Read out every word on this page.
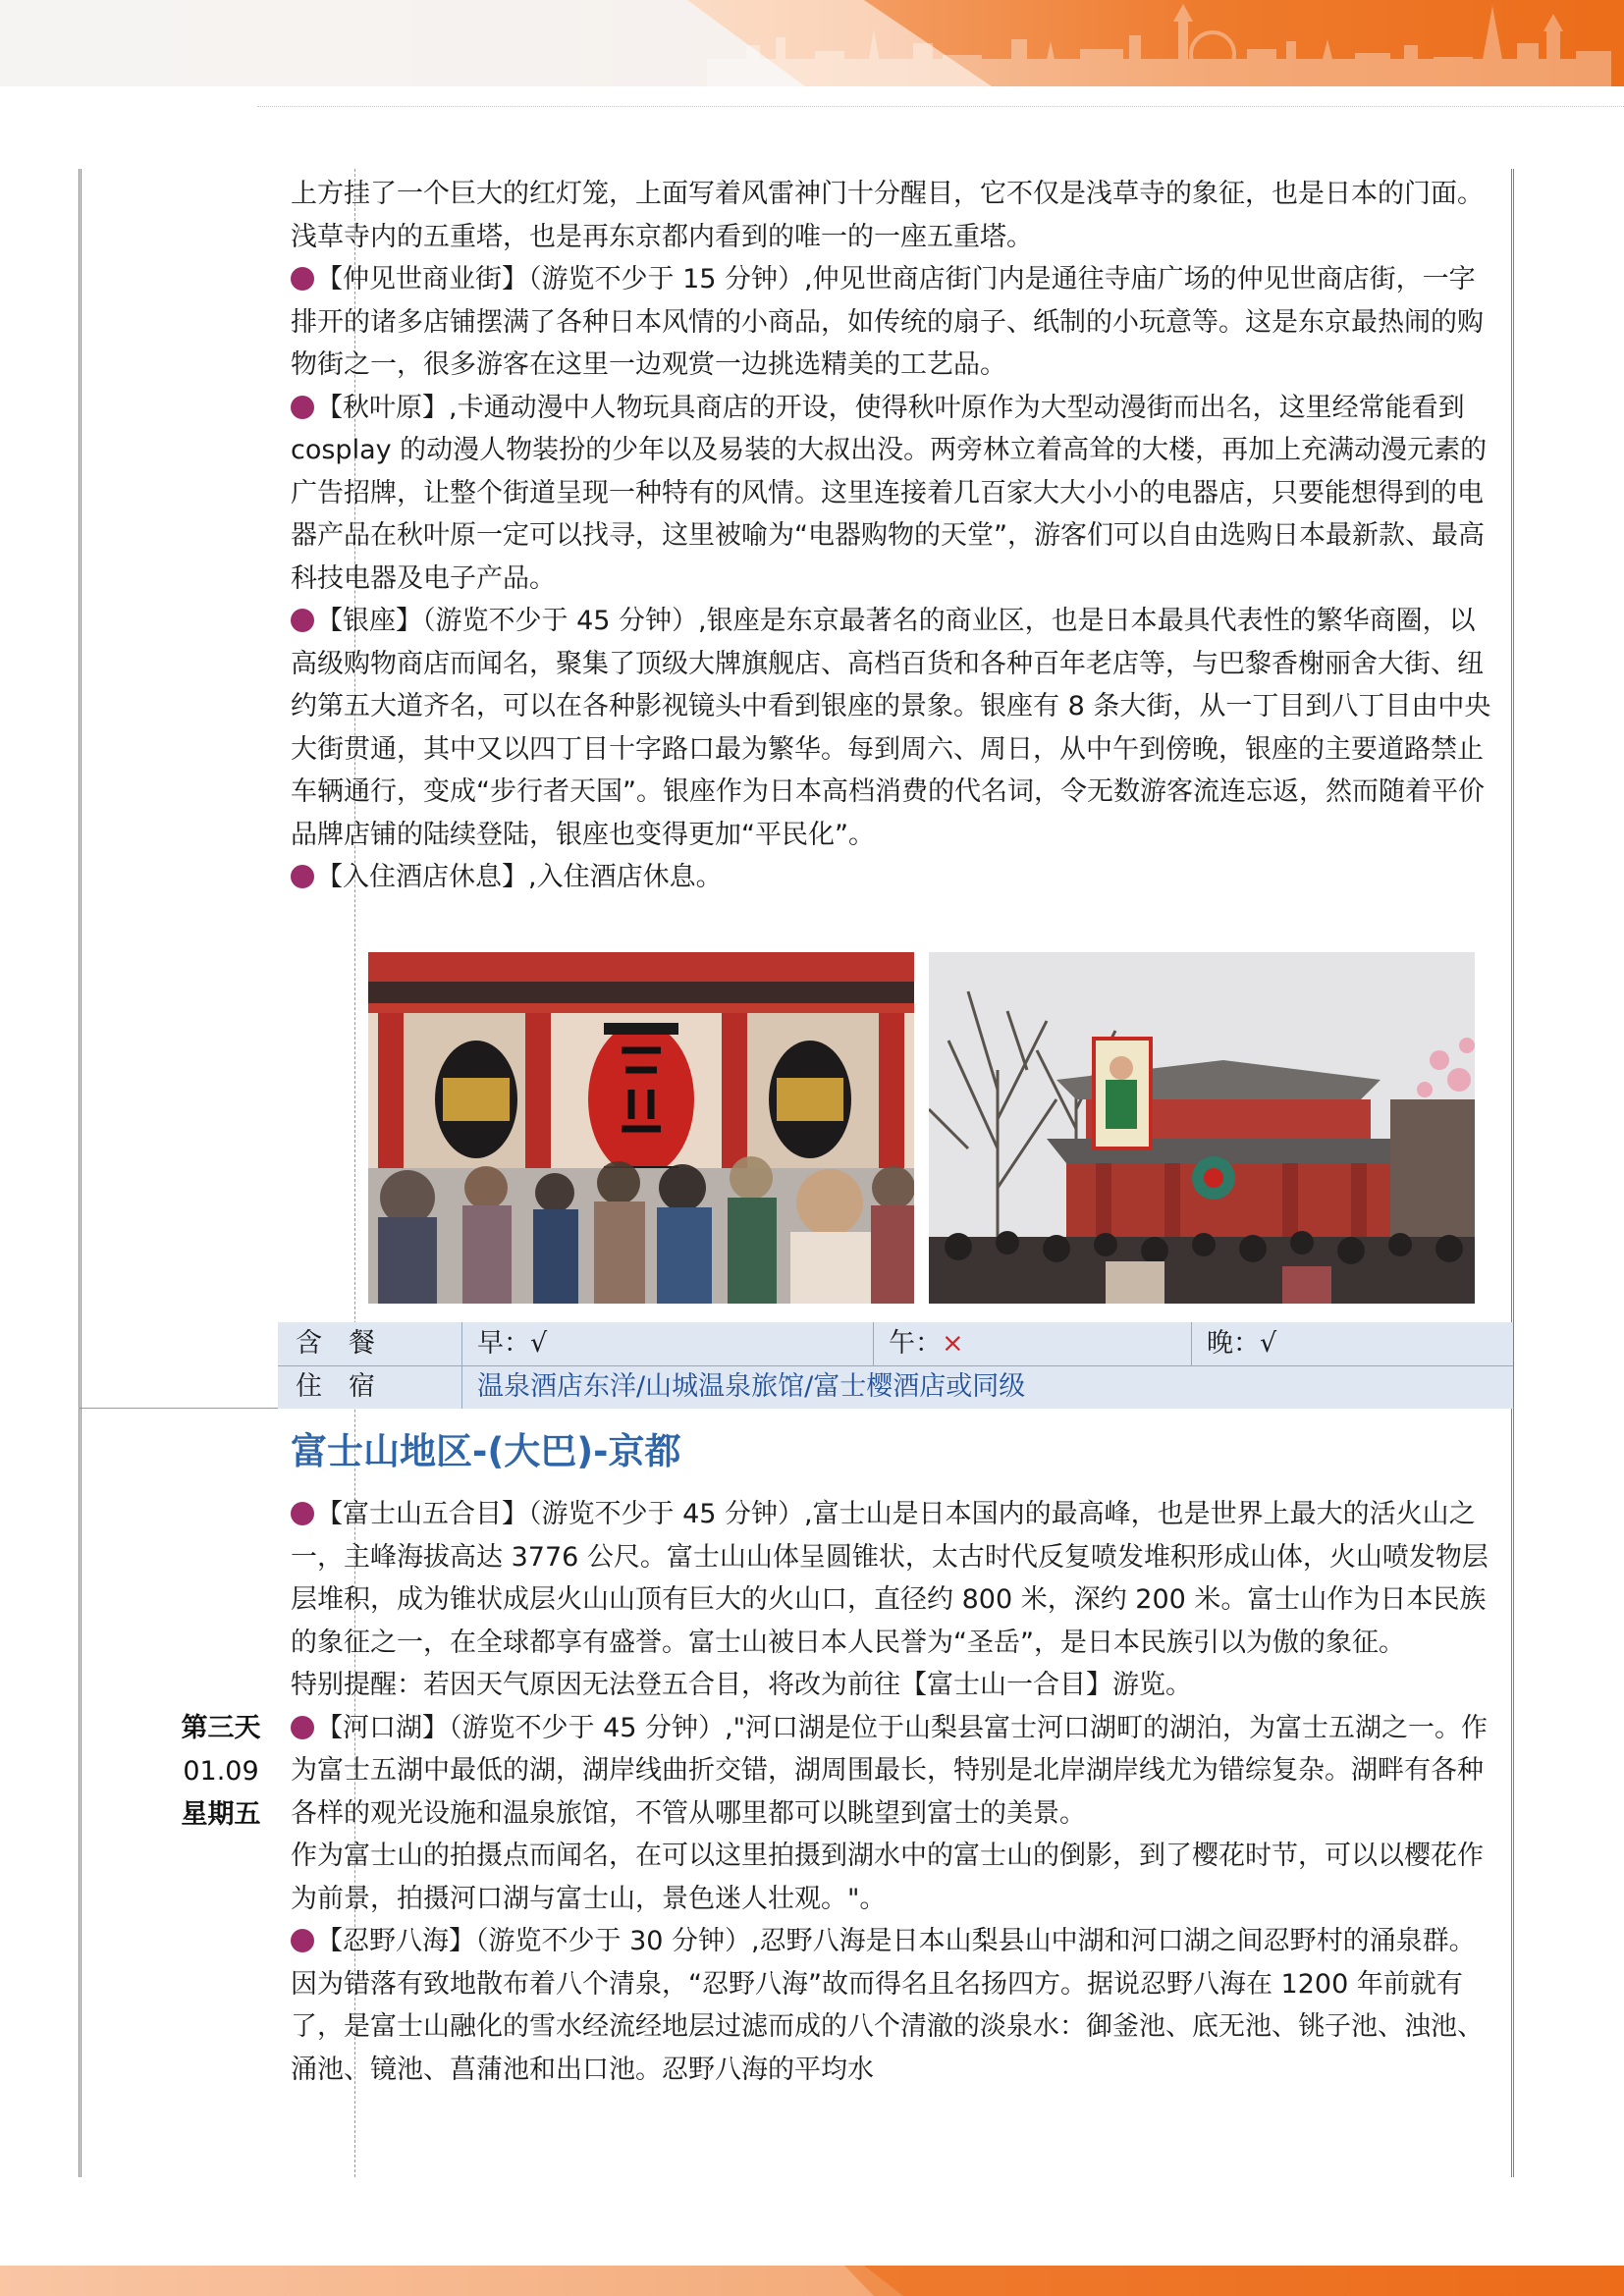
上方挂了一个巨大的红灯笼，上面写着风雷神门十分醒目，它不仅是浅草寺的象征，也是日本的门面。浅草寺内的五重塔，也是再东京都内看到的唯一的一座五重塔。

【仲见世商业街】（游览不少于 15 分钟）,仲见世商店街门内是通往寺庙广场的仲见世商店街，一字排开的诸多店铺摆满了各种日本风情的小商品，如传统的扇子、纸制的小玩意等。这是东京最热闹的购物街之一，很多游客在这里一边观赏一边挑选精美的工艺品。

【秋叶原】,卡通动漫中人物玩具商店的开设，使得秋叶原作为大型动漫街而出名，这里经常能看到 cosplay 的动漫人物装扮的少年以及易装的大叔出没。两旁林立着高耸的大楼，再加上充满动漫元素的广告招牌，让整个街道呈现一种特有的风情。这里连接着几百家大大小小的电器店，只要能想得到的电器产品在秋叶原一定可以找寻，这里被喻为“电器购物的天堂”，游客们可以自由选购日本最新款、最高科技电器及电子产品。

【银座】（游览不少于 45 分钟）,银座是东京最著名的商业区，也是日本最具代表性的繁华商圈，以高级购物商店而闻名，聚集了顶级大牌旗舰店、高档百货和各种百年老店等，与巴黎香榭丽舍大街、纽约第五大道齐名，可以在各种影视镜头中看到银座的景象。银座有 8 条大街，从一丁目到八丁目由中央大街贯通，其中又以四丁目十字路口最为繁华。每到周六、周日，从中午到傍晚，银座的主要道路禁止车辆通行，变成“步行者天国”。银座作为日本高档消费的代名词，令无数游客流连忘返，然而随着平价品牌店铺的陆续登陆，银座也变得更加“平民化”。

【入住酒店休息】,入住酒店休息。

含　餐	早：√	午：×	晚：√
住　宿	温泉酒店东洋/山城温泉旅馆/富士樱酒店或同级
富士山地区-(大巴)-京都
第三天
01.09
星期五

【富士山五合目】（游览不少于 45 分钟）,富士山是日本国内的最高峰，也是世界上最大的活火山之一，主峰海拔高达 3776 公尺。富士山山体呈圆锥状，太古时代反复喷发堆积形成山体，火山喷发物层层堆积，成为锥状成层火山山顶有巨大的火山口，直径约 800 米，深约 200 米。富士山作为日本民族的象征之一，在全球都享有盛誉。富士山被日本人民誉为“圣岳”，是日本民族引以为傲的象征。

特别提醒：若因天气原因无法登五合目，将改为前往【富士山一合目】游览。

【河口湖】（游览不少于 45 分钟）,"河口湖是位于山梨县富士河口湖町的湖泊，为富士五湖之一。作为富士五湖中最低的湖，湖岸线曲折交错，湖周围最长，特别是北岸湖岸线尤为错综复杂。湖畔有各种各样的观光设施和温泉旅馆，不管从哪里都可以眺望到富士的美景。

作为富士山的拍摄点而闻名，在可以这里拍摄到湖水中的富士山的倒影，到了樱花时节，可以以樱花作为前景，拍摄河口湖与富士山，景色迷人壮观。"。

【忍野八海】（游览不少于 30 分钟）,忍野八海是日本山梨县山中湖和河口湖之间忍野村的涌泉群。因为错落有致地散布着八个清泉，“忍野八海”故而得名且名扬四方。据说忍野八海在 1200 年前就有了，是富士山融化的雪水经流经地层过滤而成的八个清澈的淡泉水：御釜池、底无池、铫子池、浊池、涌池、镜池、菖蒲池和出口池。忍野八海的平均水
